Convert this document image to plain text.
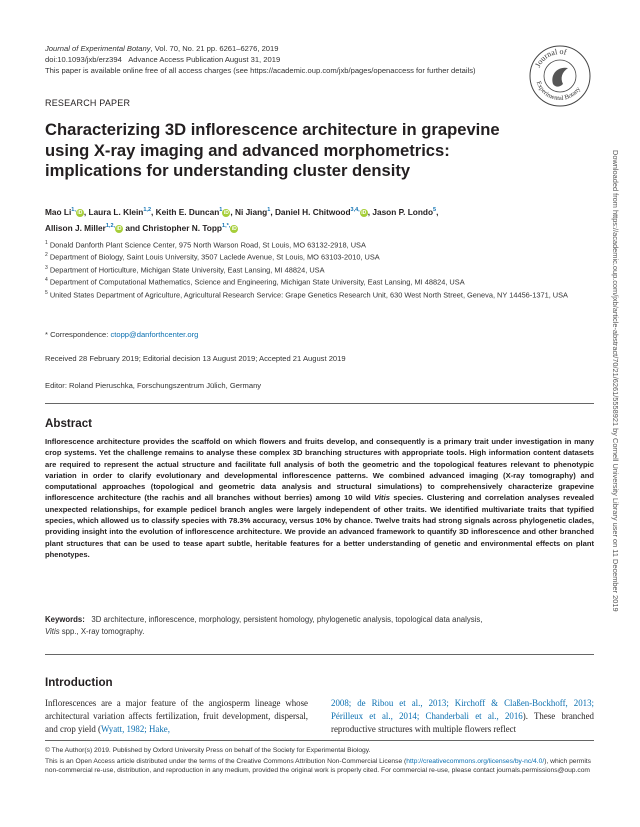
Journal of Experimental Botany, Vol. 70, No. 21 pp. 6261–6276, 2019
doi:10.1093/jxb/erz394 Advance Access Publication August 31, 2019
This paper is available online free of all access charges (see https://academic.oup.com/jxb/pages/openaccess for further details)
Journal of
Experimental Botany
RESEARCH PAPER
Characterizing 3D inflorescence architecture in grapevine using X-ray imaging and advanced morphometrics: implications for understanding cluster density
Mao $Li^{1,}$ iD , Laura L. Klein$^{1,2}$, Keith E. Duncan$^1$ iD , Ni Jiang$^1$, Daniel H. Chitwood$^{3,4,}$ iD , Jason P. Londo$^5$,
Allison J. Miller$^{1,2,}$ iD and Christopher N. Topp$^{1,*,}$ iD
$^1$ Donald Danforth Plant Science Center, 975 North Warson Road, St Louis, MO 63132-2918, USA
$^2$ Department of Biology, Saint Louis University, 3507 Laclede Avenue, St Louis, MO 63103-2010, USA
$^3$ Department of Horticulture, Michigan State University, East Lansing, MI 48824, USA
$^4$ Department of Computational Mathematics, Science and Engineering, Michigan State University, East Lansing, MI 48824, USA
$^5$ United States Department of Agriculture, Agricultural Research Service: Grape Genetics Research Unit, 630 West North Street, Geneva, NY 14456-1371, USA
* Correspondence: ctopp@danforthcenter.org
Received 28 February 2019; Editorial decision 13 August 2019; Accepted 21 August 2019
Editor: Roland Pieruschka, Forschungszentrum Jülich, Germany
Abstract
Inflorescence architecture provides the scaffold on which flowers and fruits develop, and consequently is a primary trait under investigation in many crop systems. Yet the challenge remains to analyse these complex 3D branching structures with appropriate tools. High information content datasets are required to represent the actual structure and facilitate full analysis of both the geometric and the topological features relevant to phenotypic variation in order to clarify evolutionary and developmental inflorescence patterns. We combined advanced imaging (X-ray tomography) and computational approaches (topological and geometric data analysis and structural simulations) to comprehensively characterize grapevine inflorescence architecture (the rachis and all branches without berries) among 10 wild Vitis species. Clustering and correlation analyses revealed unexpected relationships, for example pedicel branch angles were largely independent of other traits. We identified multivariate traits that typified species, which allowed us to classify species with 78.3% accuracy, versus 10% by chance. Twelve traits had strong signals across phylogenetic clades, providing insight into the evolution of inflorescence architecture. We provide an advanced framework to quantify 3D inflorescence and other branched plant structures that can be used to tease apart subtle, heritable features for a better understanding of genetic and environmental effects on plant phenotypes.
Keywords: 3D architecture, inflorescence, morphology, persistent homology, phylogenetic analysis, topological data analysis,
Vitis spp., X-ray tomography.
Introduction
Inflorescences are a major feature of the angiosperm lineage whose architectural variation affects fertilization, fruit development, dispersal, and crop yield (Wyatt, 1982; Hake,
2008; de Ribou et al., 2013; Kirchoff & Claßen-Bockhoff, 2013; Périlleux et al., 2014; Chanderbali et al., 2016). These branched reproductive structures with multiple flowers reflect
© The Author(s) 2019. Published by Oxford University Press on behalf of the Society for Experimental Biology.
This is an Open Access article distributed under the terms of the Creative Commons Attribution Non-Commercial License (http://creativecommons.org/licenses/by-nc/4.0/), which permits non-commercial re-use, distribution, and reproduction in any medium, provided the original work is properly cited. For commercial re-use, please contact journals.permissions@oup.com
Downloaded from https://academic.oup.com/jxb/article-abstract/70/21/6261/5558921 by Cornell University Library user on 11 December 2019
